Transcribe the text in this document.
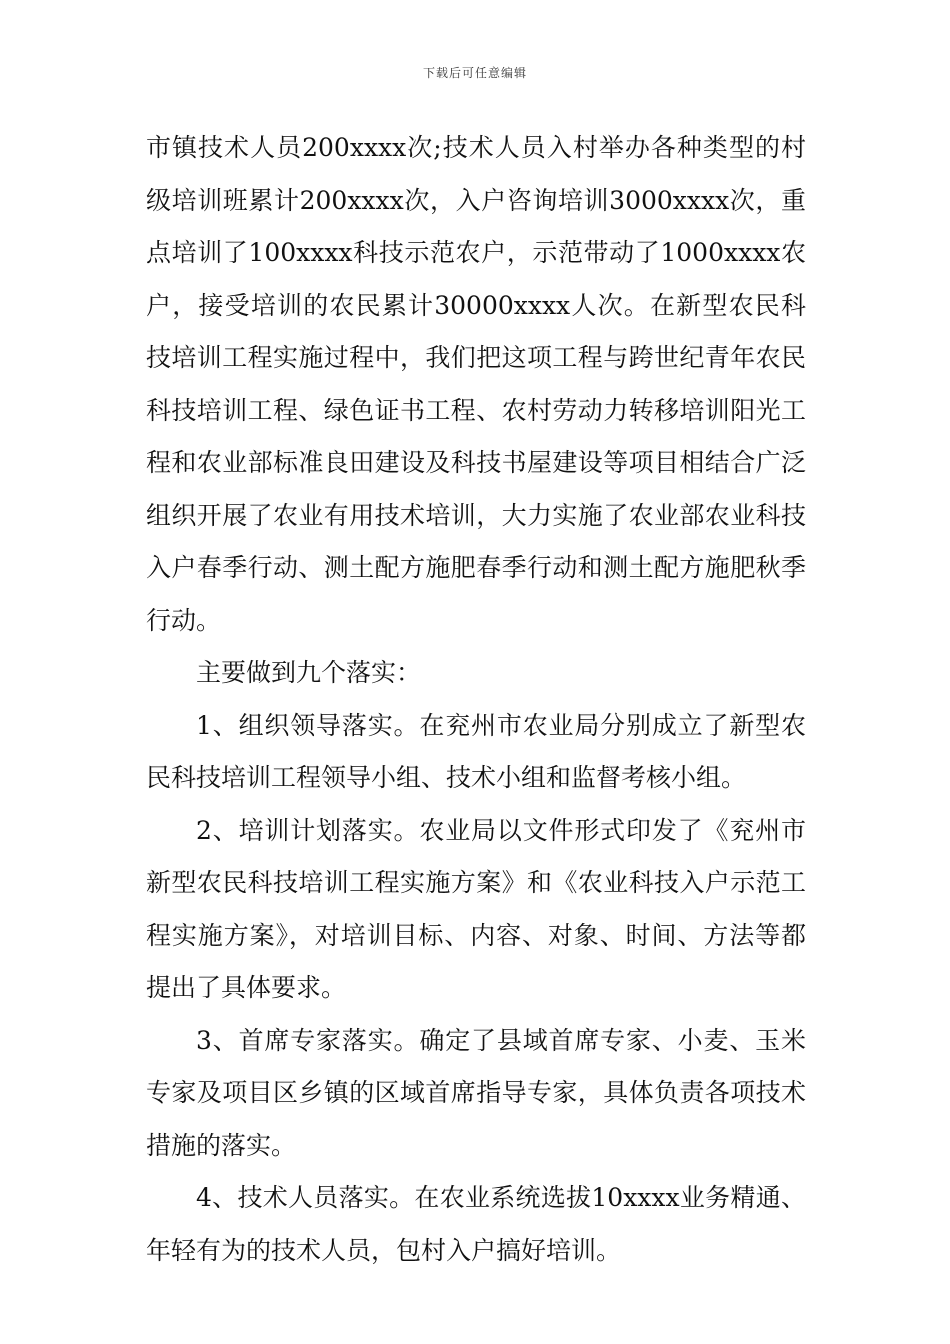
下载后可任意编辑

市镇技术人员200xxxx次;技术人员入村举办各种类型的村级培训班累计200xxxx次，入户咨询培训3000xxxx次，重点培训了100xxxx科技示范农户，示范带动了1000xxxx农户，接受培训的农民累计30000xxxx人次。在新型农民科技培训工程实施过程中，我们把这项工程与跨世纪青年农民科技培训工程、绿色证书工程、农村劳动力转移培训阳光工程和农业部标准良田建设及科技书屋建设等项目相结合广泛组织开展了农业有用技术培训，大力实施了农业部农业科技入户春季行动、测土配方施肥春季行动和测土配方施肥秋季行动。

主要做到九个落实：

1、组织领导落实。在兖州市农业局分别成立了新型农民科技培训工程领导小组、技术小组和监督考核小组。

2、培训计划落实。农业局以文件形式印发了《兖州市新型农民科技培训工程实施方案》和《农业科技入户示范工程实施方案》，对培训目标、内容、对象、时间、方法等都提出了具体要求。

3、首席专家落实。确定了县域首席专家、小麦、玉米专家及项目区乡镇的区域首席指导专家，具体负责各项技术措施的落实。

4、技术人员落实。在农业系统选拔10xxxx业务精通、年轻有为的技术人员，包村入户搞好培训。
